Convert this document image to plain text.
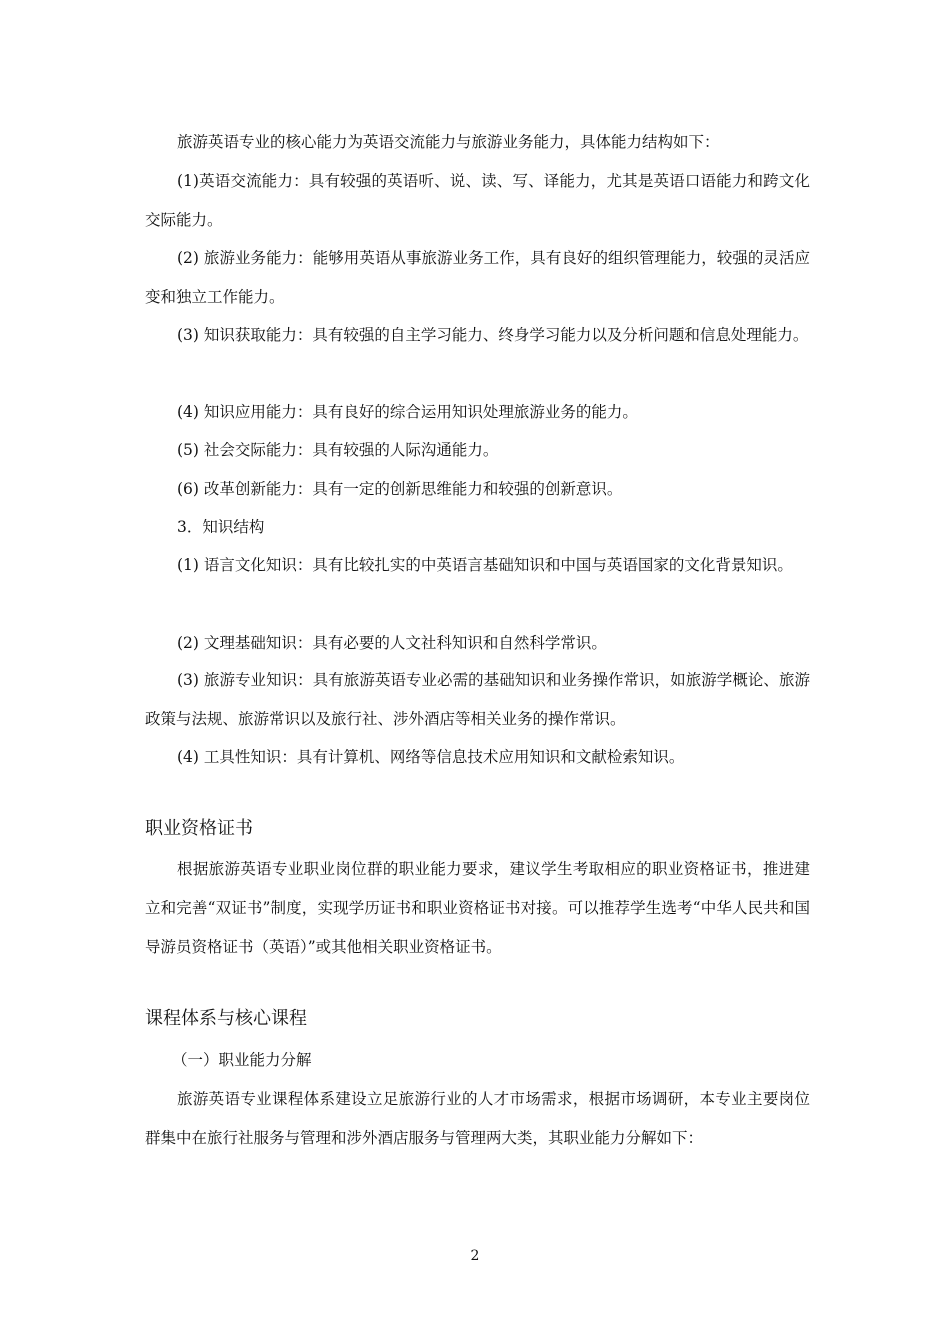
旅游英语专业的核心能力为英语交流能力与旅游业务能力，具体能力结构如下：

(1)英语交流能力：具有较强的英语听、说、读、写、译能力，尤其是英语口语能力和跨文化交际能力。

(2) 旅游业务能力：能够用英语从事旅游业务工作，具有良好的组织管理能力，较强的灵活应变和独立工作能力。

(3) 知识获取能力：具有较强的自主学习能力、终身学习能力以及分析问题和信息处理能力。

(4) 知识应用能力：具有良好的综合运用知识处理旅游业务的能力。

(5) 社会交际能力：具有较强的人际沟通能力。

(6) 改革创新能力：具有一定的创新思维能力和较强的创新意识。

3．知识结构

(1) 语言文化知识：具有比较扎实的中英语言基础知识和中国与英语国家的文化背景知识。

(2) 文理基础知识：具有必要的人文社科知识和自然科学常识。

(3) 旅游专业知识：具有旅游英语专业必需的基础知识和业务操作常识，如旅游学概论、旅游政策与法规、旅游常识以及旅行社、涉外酒店等相关业务的操作常识。

(4) 工具性知识：具有计算机、网络等信息技术应用知识和文献检索知识。

职业资格证书

根据旅游英语专业职业岗位群的职业能力要求，建议学生考取相应的职业资格证书，推进建立和完善“双证书”制度，实现学历证书和职业资格证书对接。可以推荐学生选考“中华人民共和国导游员资格证书（英语）”或其他相关职业资格证书。

课程体系与核心课程

（一）职业能力分解

旅游英语专业课程体系建设立足旅游行业的人才市场需求，根据市场调研，本专业主要岗位群集中在旅行社服务与管理和涉外酒店服务与管理两大类，其职业能力分解如下：

2
